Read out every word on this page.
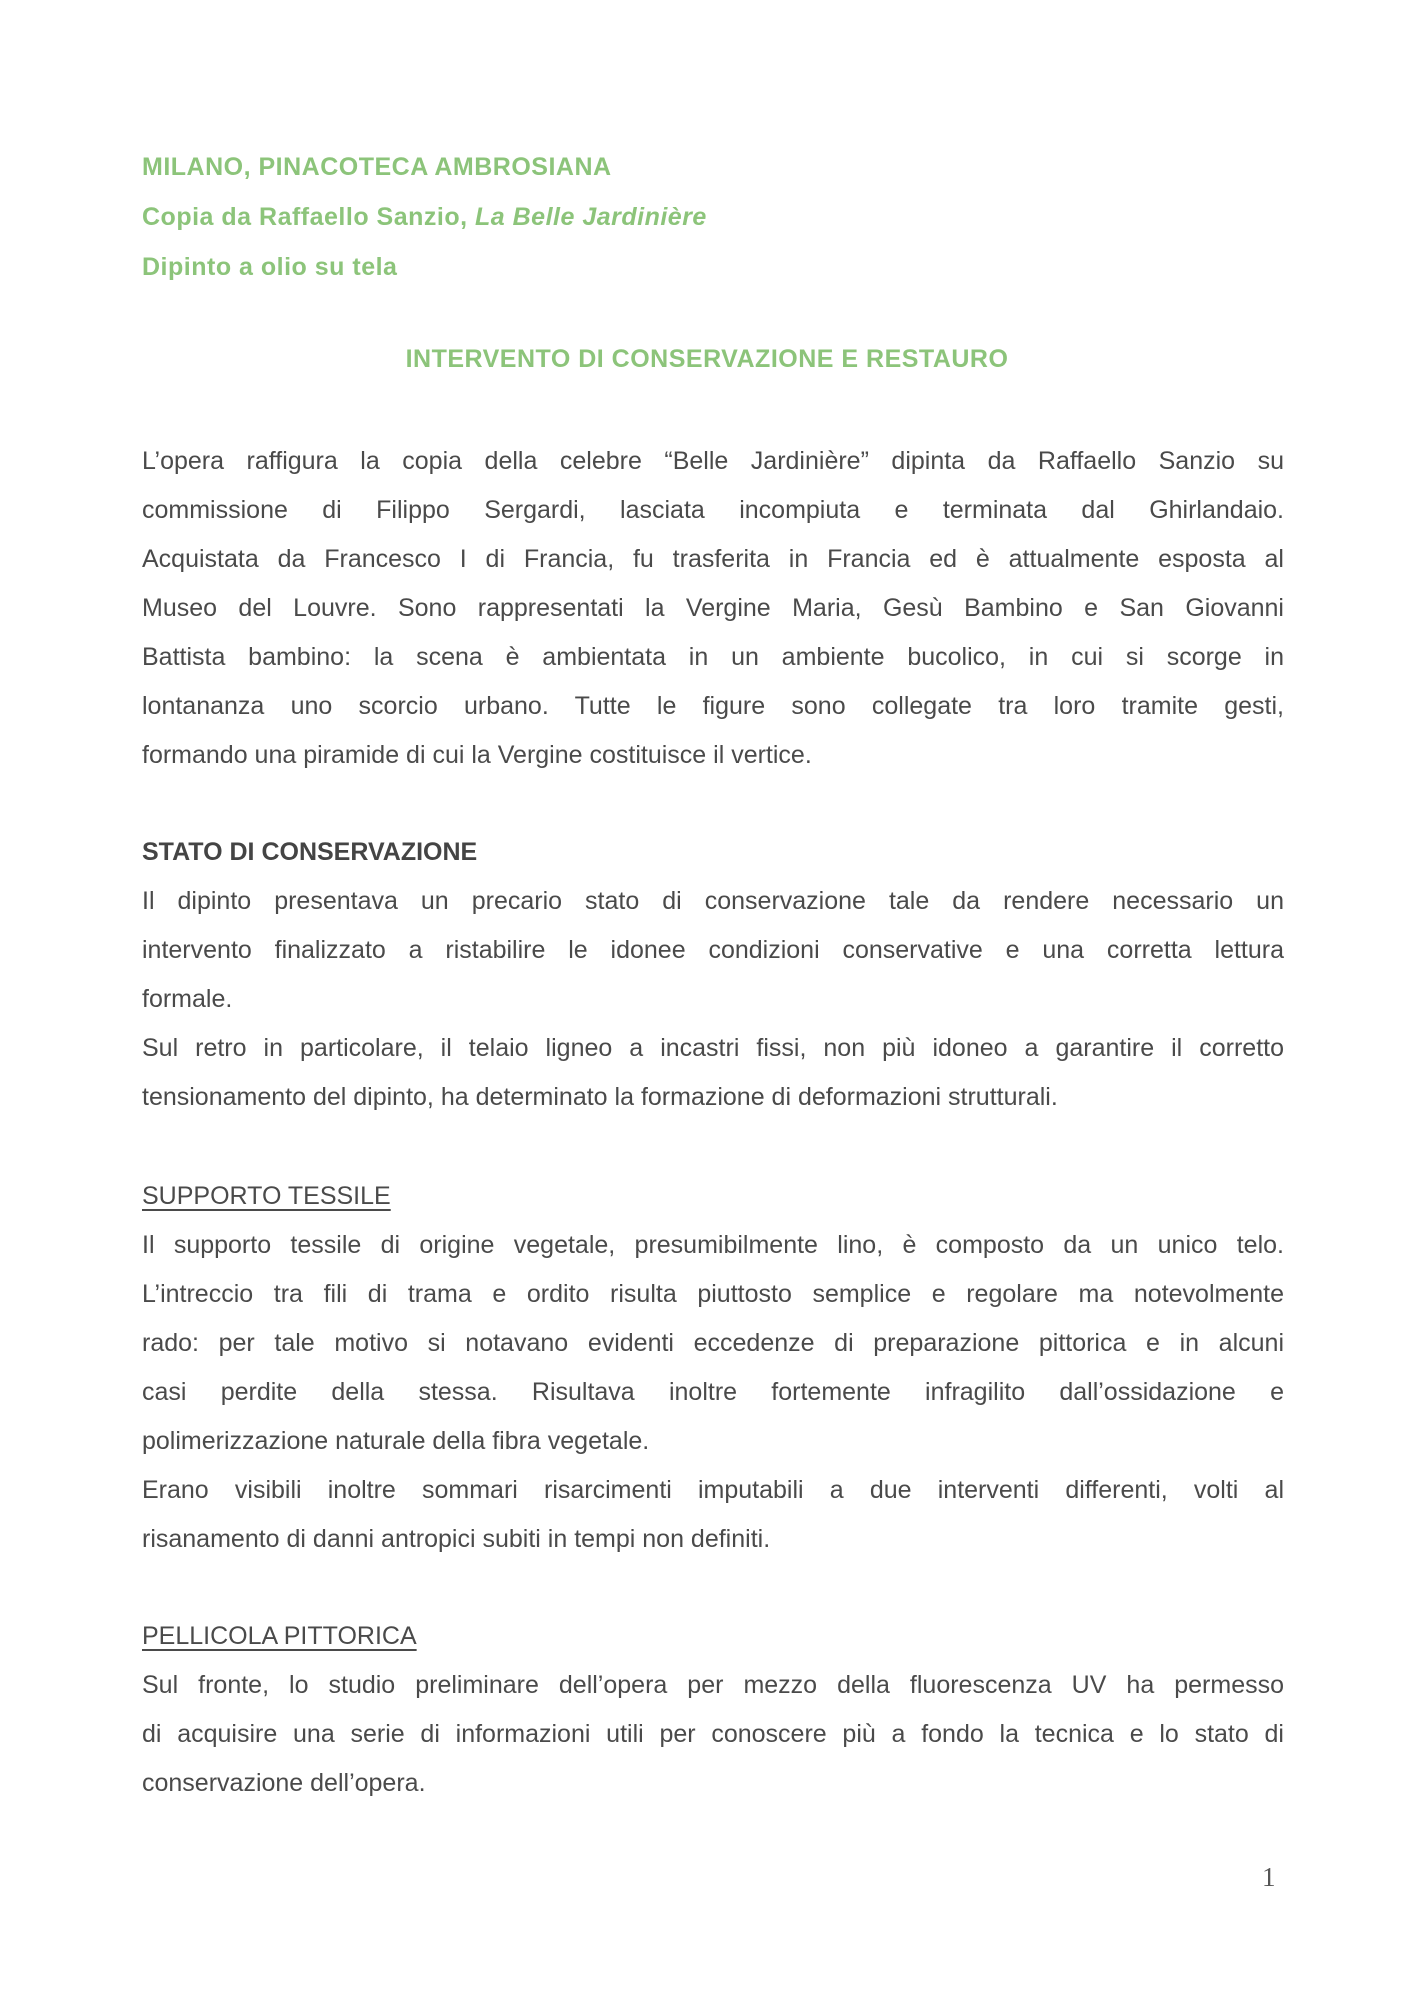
MILANO, PINACOTECA AMBROSIANA
Copia da Raffaello Sanzio, La Belle Jardinière
Dipinto a olio su tela
INTERVENTO DI CONSERVAZIONE E RESTAURO
L’opera raffigura la copia della celebre “Belle Jardinière” dipinta da Raffaello Sanzio su
commissione di Filippo Sergardi, lasciata incompiuta e terminata dal Ghirlandaio.
Acquistata da Francesco I di Francia, fu trasferita in Francia ed è attualmente esposta al
Museo del Louvre. Sono rappresentati la Vergine Maria, Gesù Bambino e San Giovanni
Battista bambino: la scena è ambientata in un ambiente bucolico, in cui si scorge in
lontananza uno scorcio urbano. Tutte le figure sono collegate tra loro tramite gesti,
formando una piramide di cui la Vergine costituisce il vertice.
STATO DI CONSERVAZIONE
Il dipinto presentava un precario stato di conservazione tale da rendere necessario un
intervento finalizzato a ristabilire le idonee condizioni conservative e una corretta lettura
formale.
Sul retro in particolare, il telaio ligneo a incastri fissi, non più idoneo a garantire il corretto
tensionamento del dipinto, ha determinato la formazione di deformazioni strutturali.
SUPPORTO TESSILE
Il supporto tessile di origine vegetale, presumibilmente lino, è composto da un unico telo.
L’intreccio tra fili di trama e ordito risulta piuttosto semplice e regolare ma notevolmente
rado: per tale motivo si notavano evidenti eccedenze di preparazione pittorica e in alcuni
casi perdite della stessa. Risultava inoltre fortemente infragilito dall’ossidazione e
polimerizzazione naturale della fibra vegetale.
Erano visibili inoltre sommari risarcimenti imputabili a due interventi differenti, volti al
risanamento di danni antropici subiti in tempi non definiti.
PELLICOLA PITTORICA
Sul fronte, lo studio preliminare dell’opera per mezzo della fluorescenza UV ha permesso
di acquisire una serie di informazioni utili per conoscere più a fondo la tecnica e lo stato di
conservazione dell’opera.
1
